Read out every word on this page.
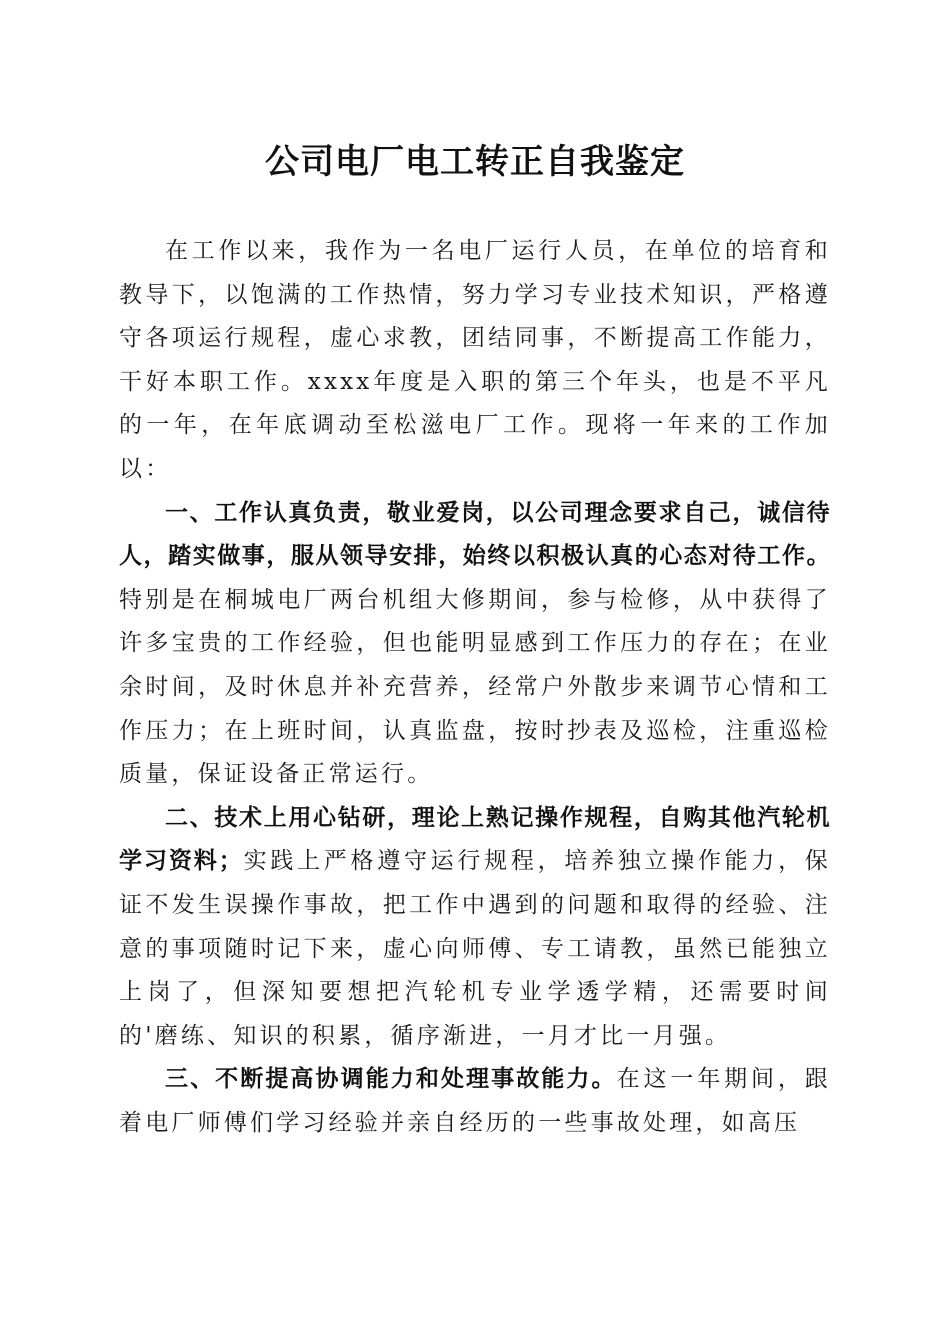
公司电厂电工转正自我鉴定

在工作以来，我作为一名电厂运行人员，在单位的培育和教导下，以饱满的工作热情，努力学习专业技术知识，严格遵守各项运行规程，虚心求教，团结同事，不断提高工作能力，干好本职工作。xxxx年度是入职的第三个年头，也是不平凡的一年，在年底调动至松滋电厂工作。现将一年来的工作加以：

一、工作认真负责，敬业爱岗，以公司理念要求自己，诚信待人，踏实做事，服从领导安排，始终以积极认真的心态对待工作。特别是在桐城电厂两台机组大修期间，参与检修，从中获得了许多宝贵的工作经验，但也能明显感到工作压力的存在；在业余时间，及时休息并补充营养，经常户外散步来调节心情和工作压力；在上班时间，认真监盘，按时抄表及巡检，注重巡检质量，保证设备正常运行。

二、技术上用心钻研，理论上熟记操作规程，自购其他汽轮机学习资料；实践上严格遵守运行规程，培养独立操作能力，保证不发生误操作事故，把工作中遇到的问题和取得的经验、注意的事项随时记下来，虚心向师傅、专工请教，虽然已能独立上岗了，但深知要想把汽轮机专业学透学精，还需要时间的'磨练、知识的积累，循序渐进，一月才比一月强。

三、不断提高协调能力和处理事故能力。在这一年期间，跟着电厂师傅们学习经验并亲自经历的一些事故处理，如高压
